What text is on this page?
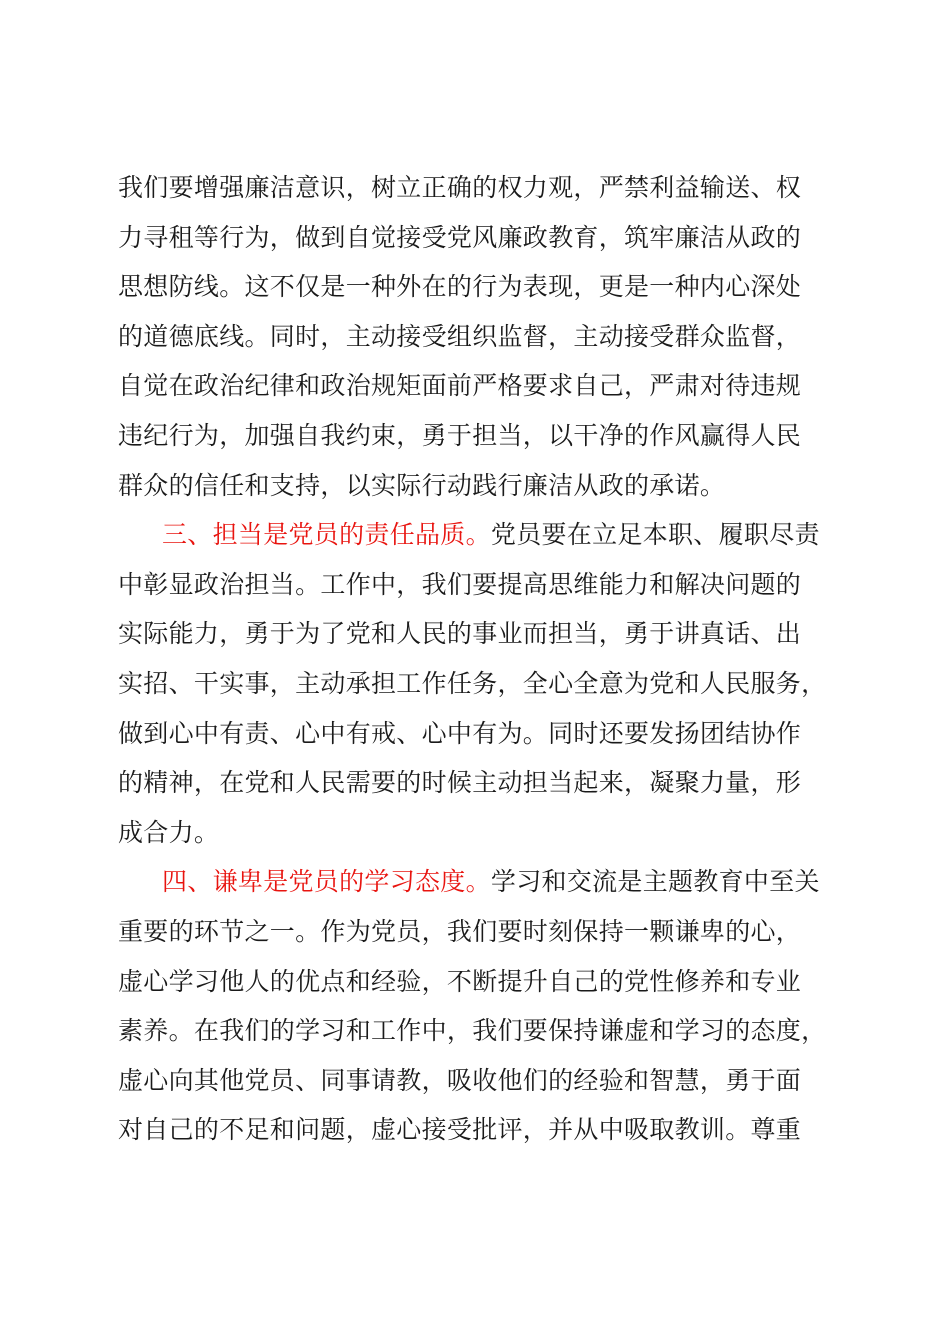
我们要增强廉洁意识，树立正确的权力观，严禁利益输送、权
力寻租等行为，做到自觉接受党风廉政教育，筑牢廉洁从政的
思想防线。这不仅是一种外在的行为表现，更是一种内心深处
的道德底线。同时，主动接受组织监督，主动接受群众监督，
自觉在政治纪律和政治规矩面前严格要求自己，严肃对待违规
违纪行为，加强自我约束，勇于担当，以干净的作风赢得人民
群众的信任和支持，以实际行动践行廉洁从政的承诺。
三、担当是党员的责任品质。党员要在立足本职、履职尽责
中彰显政治担当。工作中，我们要提高思维能力和解决问题的
实际能力，勇于为了党和人民的事业而担当，勇于讲真话、出
实招、干实事，主动承担工作任务，全心全意为党和人民服务，
做到心中有责、心中有戒、心中有为。同时还要发扬团结协作
的精神，在党和人民需要的时候主动担当起来，凝聚力量，形
成合力。
四、谦卑是党员的学习态度。学习和交流是主题教育中至关
重要的环节之一。作为党员，我们要时刻保持一颗谦卑的心，
虚心学习他人的优点和经验，不断提升自己的党性修养和专业
素养。在我们的学习和工作中，我们要保持谦虚和学习的态度，
虚心向其他党员、同事请教，吸收他们的经验和智慧，勇于面
对自己的不足和问题，虚心接受批评，并从中吸取教训。尊重
